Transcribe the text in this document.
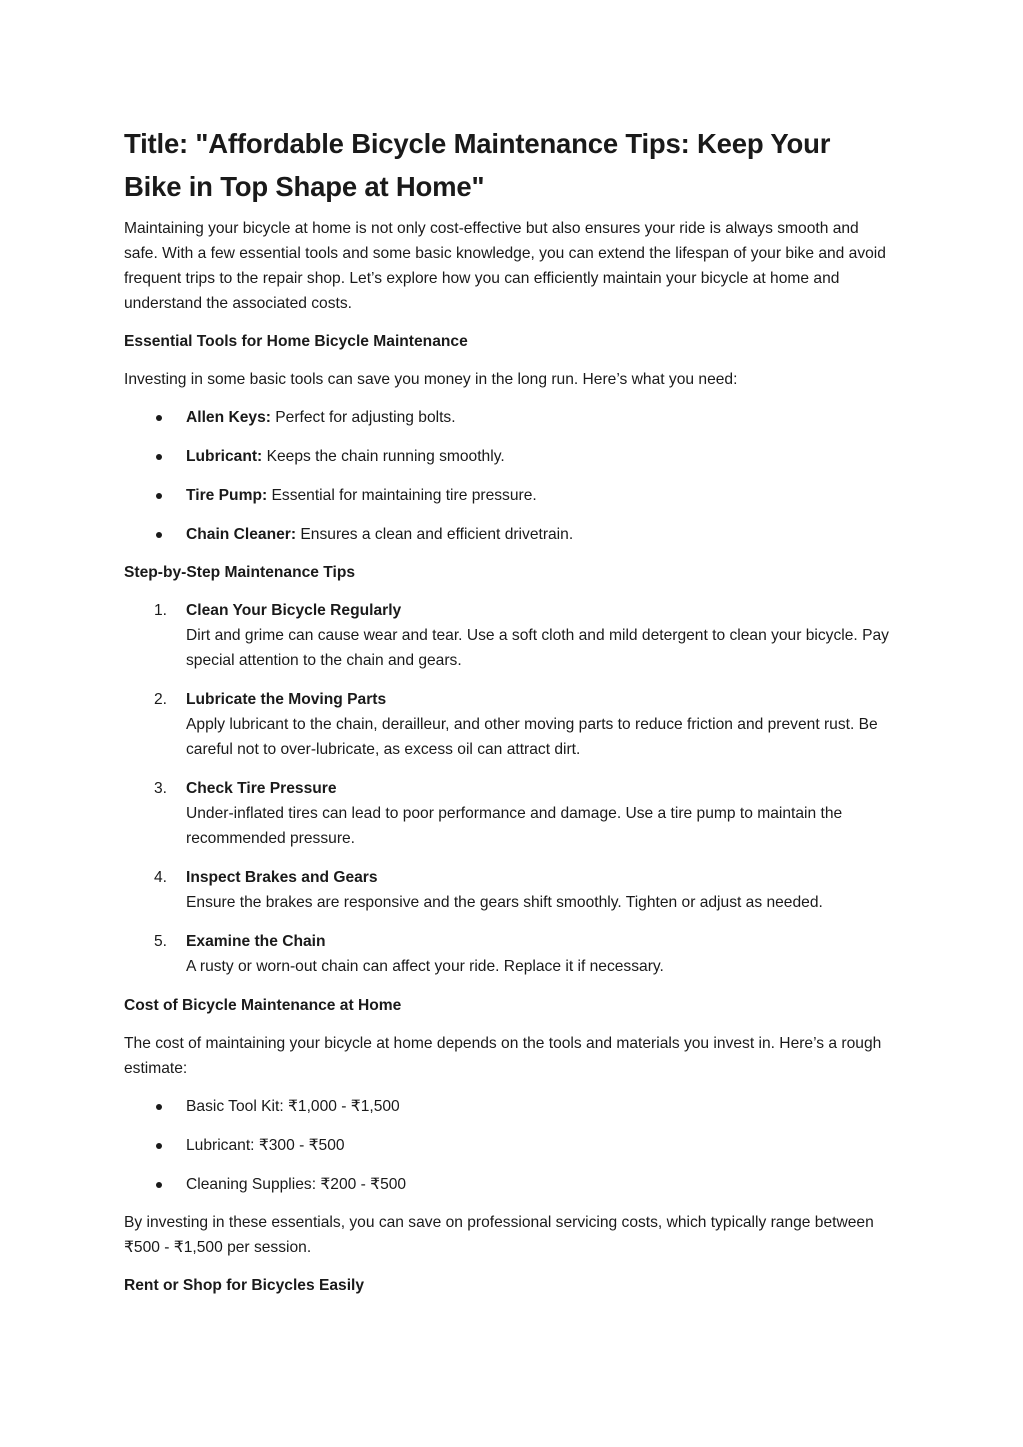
Title: "Affordable Bicycle Maintenance Tips: Keep Your Bike in Top Shape at Home"

Maintaining your bicycle at home is not only cost-effective but also ensures your ride is always smooth and safe. With a few essential tools and some basic knowledge, you can extend the lifespan of your bike and avoid frequent trips to the repair shop. Let’s explore how you can efficiently maintain your bicycle at home and understand the associated costs.

Essential Tools for Home Bicycle Maintenance

Investing in some basic tools can save you money in the long run. Here’s what you need:

Allen Keys: Perfect for adjusting bolts.
Lubricant: Keeps the chain running smoothly.
Tire Pump: Essential for maintaining tire pressure.
Chain Cleaner: Ensures a clean and efficient drivetrain.
Step-by-Step Maintenance Tips
1. Clean Your Bicycle Regularly
Dirt and grime can cause wear and tear. Use a soft cloth and mild detergent to clean your bicycle. Pay special attention to the chain and gears.
2. Lubricate the Moving Parts
Apply lubricant to the chain, derailleur, and other moving parts to reduce friction and prevent rust. Be careful not to over-lubricate, as excess oil can attract dirt.
3. Check Tire Pressure
Under-inflated tires can lead to poor performance and damage. Use a tire pump to maintain the recommended pressure.
4. Inspect Brakes and Gears
Ensure the brakes are responsive and the gears shift smoothly. Tighten or adjust as needed.
5. Examine the Chain
A rusty or worn-out chain can affect your ride. Replace it if necessary.
Cost of Bicycle Maintenance at Home

The cost of maintaining your bicycle at home depends on the tools and materials you invest in. Here’s a rough estimate:

Basic Tool Kit: ₹1,000 - ₹1,500
Lubricant: ₹300 - ₹500
Cleaning Supplies: ₹200 - ₹500

By investing in these essentials, you can save on professional servicing costs, which typically range between ₹500 - ₹1,500 per session.

Rent or Shop for Bicycles Easily
